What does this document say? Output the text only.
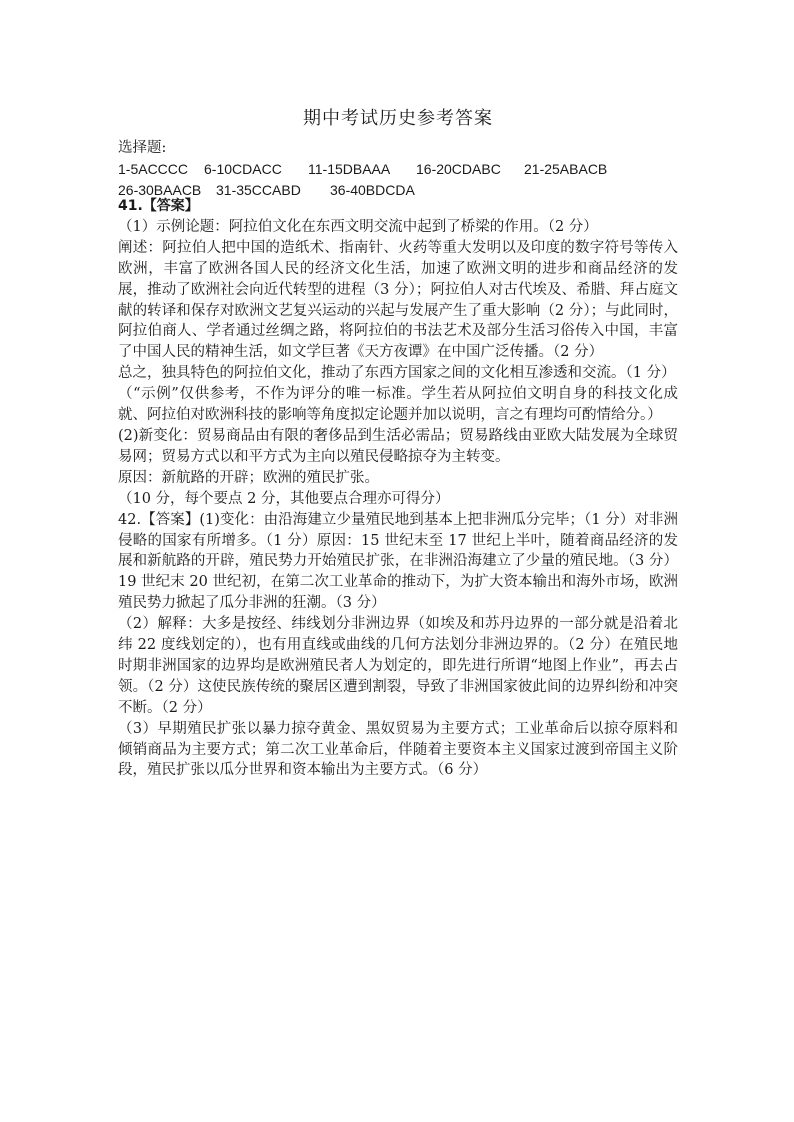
期中考试历史参考答案
选择题:
1-5ACCCC 6-10CDACC 11-15DBAAA 16-20CDABC 21-25ABACB
26-30BAACB 31-35CCABD 36-40BDCDA

41.【答案】

（1）示例论题：阿拉伯文化在东西文明交流中起到了桥梁的作用。（2 分）

阐述：阿拉伯人把中国的造纸术、指南针、火药等重大发明以及印度的数字符号等传入欧洲，丰富了欧洲各国人民的经济文化生活，加速了欧洲文明的进步和商品经济的发展，推动了欧洲社会向近代转型的进程（3 分）；阿拉伯人对古代埃及、希腊、拜占庭文献的转译和保存对欧洲文艺复兴运动的兴起与发展产生了重大影响（2 分）；与此同时，阿拉伯商人、学者通过丝绸之路，将阿拉伯的书法艺术及部分生活习俗传入中国，丰富了中国人民的精神生活，如文学巨著《天方夜谭》在中国广泛传播。（2 分）

总之，独具特色的阿拉伯文化，推动了东西方国家之间的文化相互渗透和交流。（1 分）

（“示例”仅供参考，不作为评分的唯一标准。学生若从阿拉伯文明自身的科技文化成就、阿拉伯对欧洲科技的影响等角度拟定论题并加以说明，言之有理均可酌情给分。）

(2)新变化：贸易商品由有限的奢侈品到生活必需品；贸易路线由亚欧大陆发展为全球贸易网；贸易方式以和平方式为主向以殖民侵略掠夺为主转变。

原因：新航路的开辟；欧洲的殖民扩张。

（10 分，每个要点 2 分，其他要点合理亦可得分）

42.【答案】(1)变化：由沿海建立少量殖民地到基本上把非洲瓜分完毕；（1 分）对非洲侵略的国家有所增多。（1 分）原因：15 世纪末至 17 世纪上半叶，随着商品经济的发展和新航路的开辟，殖民势力开始殖民扩张，在非洲沿海建立了少量的殖民地。（3 分）19 世纪末 20 世纪初，在第二次工业革命的推动下，为扩大资本输出和海外市场，欧洲殖民势力掀起了瓜分非洲的狂潮。（3 分）

（2）解释：大多是按经、纬线划分非洲边界（如埃及和苏丹边界的一部分就是沿着北纬 22 度线划定的），也有用直线或曲线的几何方法划分非洲边界的。（2 分）在殖民地时期非洲国家的边界均是欧洲殖民者人为划定的，即先进行所谓“地图上作业”，再去占领。（2 分）这使民族传统的聚居区遭到割裂，导致了非洲国家彼此间的边界纠纷和冲突不断。（2 分）

（3）早期殖民扩张以暴力掠夺黄金、黑奴贸易为主要方式；工业革命后以掠夺原料和倾销商品为主要方式；第二次工业革命后，伴随着主要资本主义国家过渡到帝国主义阶段，殖民扩张以瓜分世界和资本输出为主要方式。（6 分）
